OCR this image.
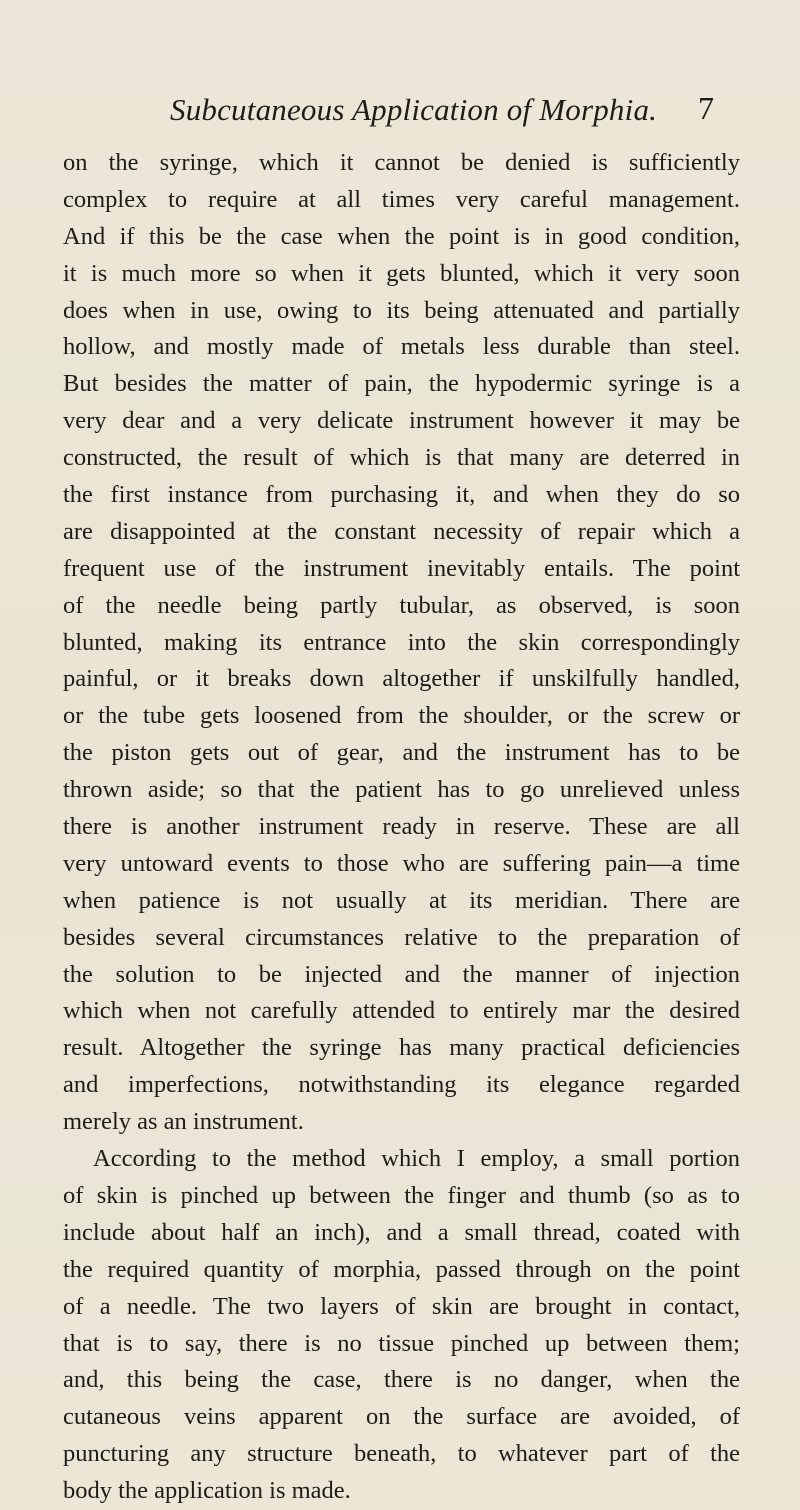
Subcutaneous Application of Morphia. 7
on the syringe, which it cannot be denied is sufficiently
complex to require at all times very careful management.
And if this be the case when the point is in good condition,
it is much more so when it gets blunted, which it very soon
does when in use, owing to its being attenuated and partially
hollow, and mostly made of metals less durable than steel.
But besides the matter of pain, the hypodermic syringe is a
very dear and a very delicate instrument however it may be
constructed, the result of which is that many are deterred in
the first instance from purchasing it, and when they do so
are disappointed at the constant necessity of repair which a
frequent use of the instrument inevitably entails. The point
of the needle being partly tubular, as observed, is soon
blunted, making its entrance into the skin correspondingly
painful, or it breaks down altogether if unskilfully handled,
or the tube gets loosened from the shoulder, or the screw or
the piston gets out of gear, and the instrument has to be
thrown aside; so that the patient has to go unrelieved unless
there is another instrument ready in reserve. These are all
very untoward events to those who are suffering pain—a time
when patience is not usually at its meridian. There are
besides several circumstances relative to the preparation of
the solution to be injected and the manner of injection
which when not carefully attended to entirely mar the desired
result. Altogether the syringe has many practical deficiencies
and imperfections, notwithstanding its elegance regarded
merely as an instrument.
According to the method which I employ, a small portion
of skin is pinched up between the finger and thumb (so as to
include about half an inch), and a small thread, coated with
the required quantity of morphia, passed through on the point
of a needle. The two layers of skin are brought in contact,
that is to say, there is no tissue pinched up between them;
and, this being the case, there is no danger, when the
cutaneous veins apparent on the surface are avoided, of
puncturing any structure beneath, to whatever part of the
body the application is made.
